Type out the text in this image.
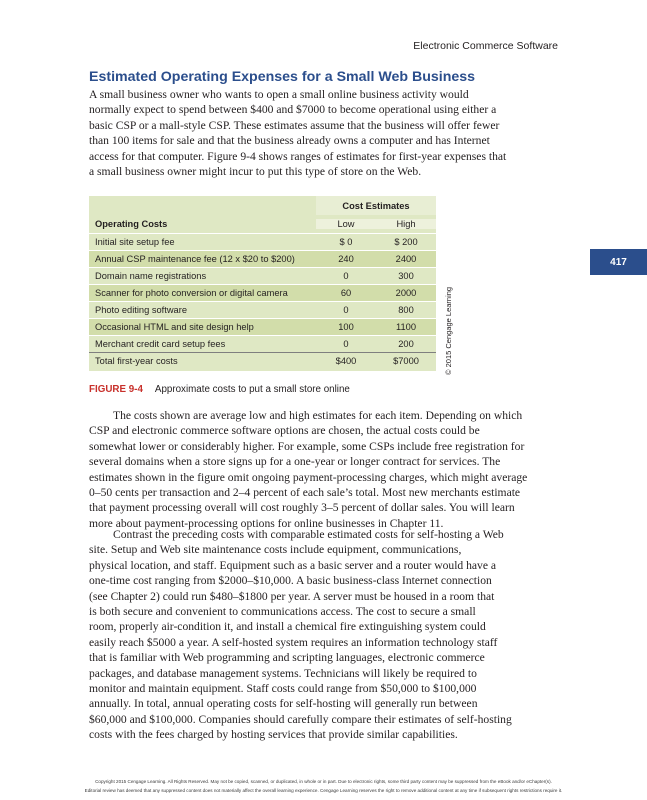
Electronic Commerce Software
Estimated Operating Expenses for a Small Web Business

A small business owner who wants to open a small online business activity would
normally expect to spend between $400 and $7000 to become operational using either a
basic CSP or a mall-style CSP. These estimates assume that the business will offer fewer
than 100 items for sale and that the business already owns a computer and has Internet
access for that computer. Figure 9-4 shows ranges of estimates for first-year expenses that
a small business owner might incur to put this type of store on the Web.

417
Cost Estimates
Operating Costs	Low	High
Initial site setup fee	$ 0	$ 200
Annual CSP maintenance fee (12 x $20 to $200)	240	2400
Domain name registrations	0	300
Scanner for photo conversion or digital camera	60	2000
Photo editing software	0	800
Occasional HTML and site design help	100	1100
Merchant credit card setup fees	0	200
Total first-year costs	$400	$7000	© 2015 Cengage Learning
FIGURE 9-4 Approximate costs to put a small store online

The costs shown are average low and high estimates for each item. Depending on which
CSP and electronic commerce software options are chosen, the actual costs could be
somewhat lower or considerably higher. For example, some CSPs include free registration for
several domains when a store signs up for a one-year or longer contract for services. The
estimates shown in the figure omit ongoing payment-processing charges, which might average
0–50 cents per transaction and 2–4 percent of each sale’s total. Most new merchants estimate
that payment processing overall will cost roughly 3–5 percent of dollar sales. You will learn
more about payment-processing options for online businesses in Chapter 11.

Contrast the preceding costs with comparable estimated costs for self-hosting a Web
site. Setup and Web site maintenance costs include equipment, communications,
physical location, and staff. Equipment such as a basic server and a router would have a
one-time cost ranging from $2000–$10,000. A basic business-class Internet connection
(see Chapter 2) could run $480–$1800 per year. A server must be housed in a room that
is both secure and convenient to communications access. The cost to secure a small
room, properly air-condition it, and install a chemical fire extinguishing system could
easily reach $5000 a year. A self-hosted system requires an information technology staff
that is familiar with Web programming and scripting languages, electronic commerce
packages, and database management systems. Technicians will likely be required to
monitor and maintain equipment. Staff costs could range from $50,000 to $100,000
annually. In total, annual operating costs for self-hosting will generally run between
$60,000 and $100,000. Companies should carefully compare their estimates of self-hosting
costs with the fees charged by hosting services that provide similar capabilities.

Copyright 2015 Cengage Learning. All Rights Reserved. May not be copied, scanned, or duplicated, in whole or in part. Due to electronic rights, some third party content may be suppressed from the eBook and/or eChapter(s).
Editorial review has deemed that any suppressed content does not materially affect the overall learning experience. Cengage Learning reserves the right to remove additional content at any time if subsequent rights restrictions require it.
